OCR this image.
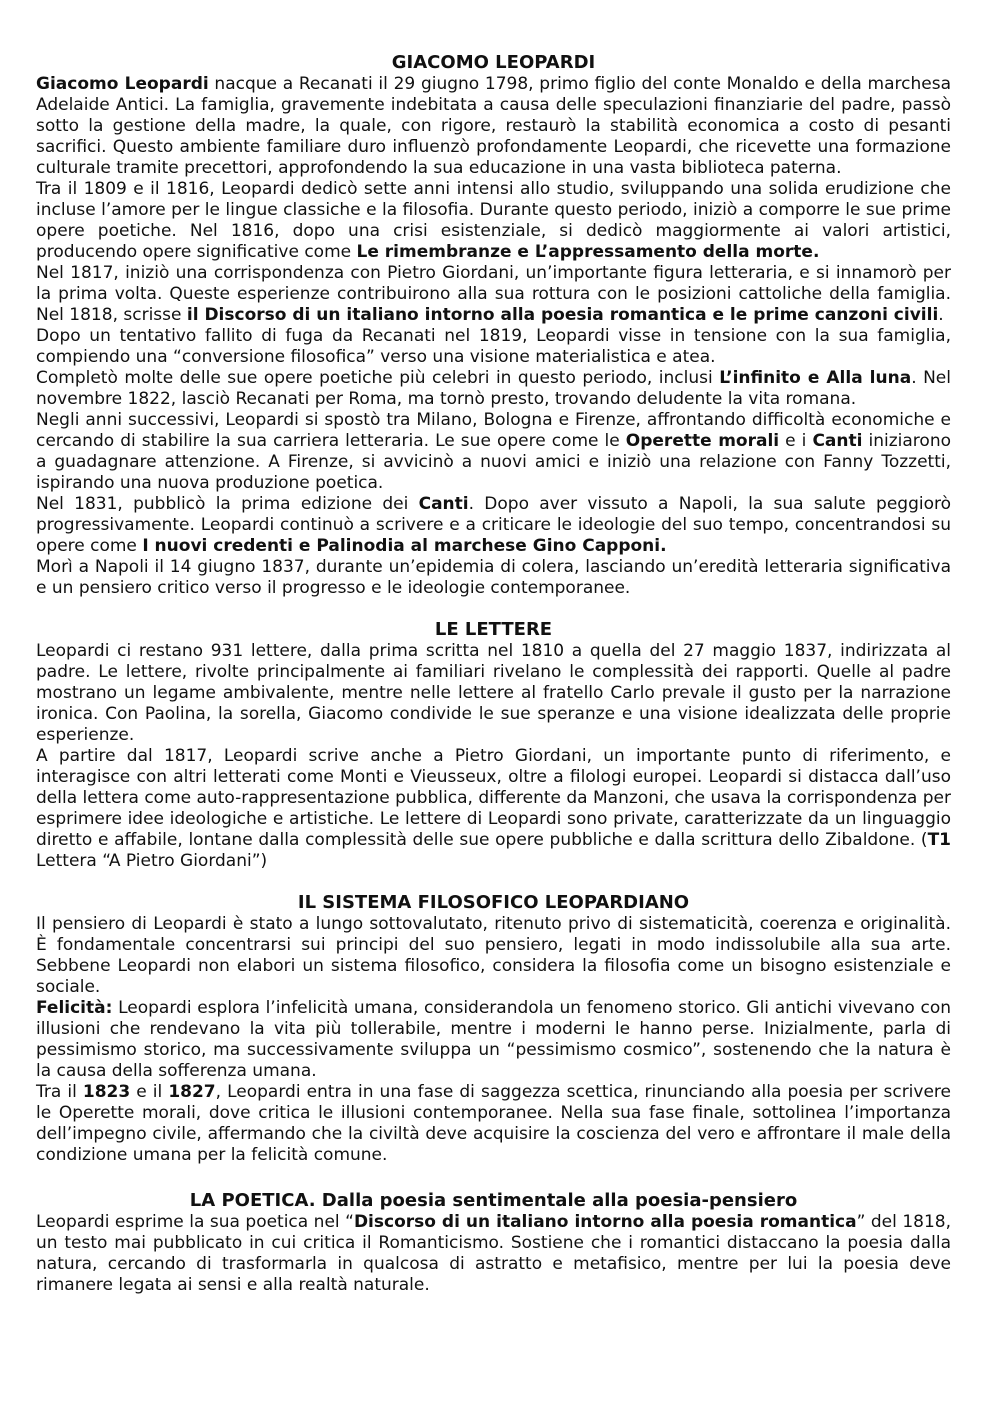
GIACOMO LEOPARDI

Giacomo Leopardi nacque a Recanati il 29 giugno 1798, primo figlio del conte Monaldo e della marchesa Adelaide Antici. La famiglia, gravemente indebitata a causa delle speculazioni finanziarie del padre, passò sotto la gestione della madre, la quale, con rigore, restaurò la stabilità economica a costo di pesanti sacrifici. Questo ambiente familiare duro influenzò profondamente Leopardi, che ricevette una formazione culturale tramite precettori, approfondendo la sua educazione in una vasta biblioteca paterna.

Tra il 1809 e il 1816, Leopardi dedicò sette anni intensi allo studio, sviluppando una solida erudizione che incluse l’amore per le lingue classiche e la filosofia. Durante questo periodo, iniziò a comporre le sue prime opere poetiche. Nel 1816, dopo una crisi esistenziale, si dedicò maggiormente ai valori artistici, producendo opere significative come Le rimembranze e L’appressamento della morte.

Nel 1817, iniziò una corrispondenza con Pietro Giordani, un’importante figura letteraria, e si innamorò per la prima volta. Queste esperienze contribuirono alla sua rottura con le posizioni cattoliche della famiglia. Nel 1818, scrisse il Discorso di un italiano intorno alla poesia romantica e le prime canzoni civili.

Dopo un tentativo fallito di fuga da Recanati nel 1819, Leopardi visse in tensione con la sua famiglia, compiendo una “conversione filosofica” verso una visione materialistica e atea.

Completò molte delle sue opere poetiche più celebri in questo periodo, inclusi L’infinito e Alla luna. Nel novembre 1822, lasciò Recanati per Roma, ma tornò presto, trovando deludente la vita romana.

Negli anni successivi, Leopardi si spostò tra Milano, Bologna e Firenze, affrontando difficoltà economiche e cercando di stabilire la sua carriera letteraria. Le sue opere come le Operette morali e i Canti iniziarono a guadagnare attenzione. A Firenze, si avvicinò a nuovi amici e iniziò una relazione con Fanny Tozzetti, ispirando una nuova produzione poetica.

Nel 1831, pubblicò la prima edizione dei Canti. Dopo aver vissuto a Napoli, la sua salute peggiorò progressivamente. Leopardi continuò a scrivere e a criticare le ideologie del suo tempo, concentrandosi su opere come I nuovi credenti e Palinodia al marchese Gino Capponi.

Morì a Napoli il 14 giugno 1837, durante un’epidemia di colera, lasciando un’eredità letteraria significativa e un pensiero critico verso il progresso e le ideologie contemporanee.

LE LETTERE

Leopardi ci restano 931 lettere, dalla prima scritta nel 1810 a quella del 27 maggio 1837, indirizzata al padre. Le lettere, rivolte principalmente ai familiari rivelano le complessità dei rapporti. Quelle al padre mostrano un legame ambivalente, mentre nelle lettere al fratello Carlo prevale il gusto per la narrazione ironica. Con Paolina, la sorella, Giacomo condivide le sue speranze e una visione idealizzata delle proprie esperienze.

A partire dal 1817, Leopardi scrive anche a Pietro Giordani, un importante punto di riferimento, e interagisce con altri letterati come Monti e Vieusseux, oltre a filologi europei. Leopardi si distacca dall’uso della lettera come auto-rappresentazione pubblica, differente da Manzoni, che usava la corrispondenza per esprimere idee ideologiche e artistiche. Le lettere di Leopardi sono private, caratterizzate da un linguaggio diretto e affabile, lontane dalla complessità delle sue opere pubbliche e dalla scrittura dello Zibaldone. (T1 Lettera “A Pietro Giordani”)

IL SISTEMA FILOSOFICO LEOPARDIANO

Il pensiero di Leopardi è stato a lungo sottovalutato, ritenuto privo di sistematicità, coerenza e originalità. È fondamentale concentrarsi sui principi del suo pensiero, legati in modo indissolubile alla sua arte. Sebbene Leopardi non elabori un sistema filosofico, considera la filosofia come un bisogno esistenziale e sociale.

Felicità: Leopardi esplora l’infelicità umana, considerandola un fenomeno storico. Gli antichi vivevano con illusioni che rendevano la vita più tollerabile, mentre i moderni le hanno perse. Inizialmente, parla di pessimismo storico, ma successivamente sviluppa un “pessimismo cosmico”, sostenendo che la natura è la causa della sofferenza umana.

Tra il 1823 e il 1827, Leopardi entra in una fase di saggezza scettica, rinunciando alla poesia per scrivere le Operette morali, dove critica le illusioni contemporanee. Nella sua fase finale, sottolinea l’importanza dell’impegno civile, affermando che la civiltà deve acquisire la coscienza del vero e affrontare il male della condizione umana per la felicità comune.

LA POETICA. Dalla poesia sentimentale alla poesia-pensiero

Leopardi esprime la sua poetica nel “Discorso di un italiano intorno alla poesia romantica” del 1818, un testo mai pubblicato in cui critica il Romanticismo. Sostiene che i romantici distaccano la poesia dalla natura, cercando di trasformarla in qualcosa di astratto e metafisico, mentre per lui la poesia deve rimanere legata ai sensi e alla realtà naturale.
